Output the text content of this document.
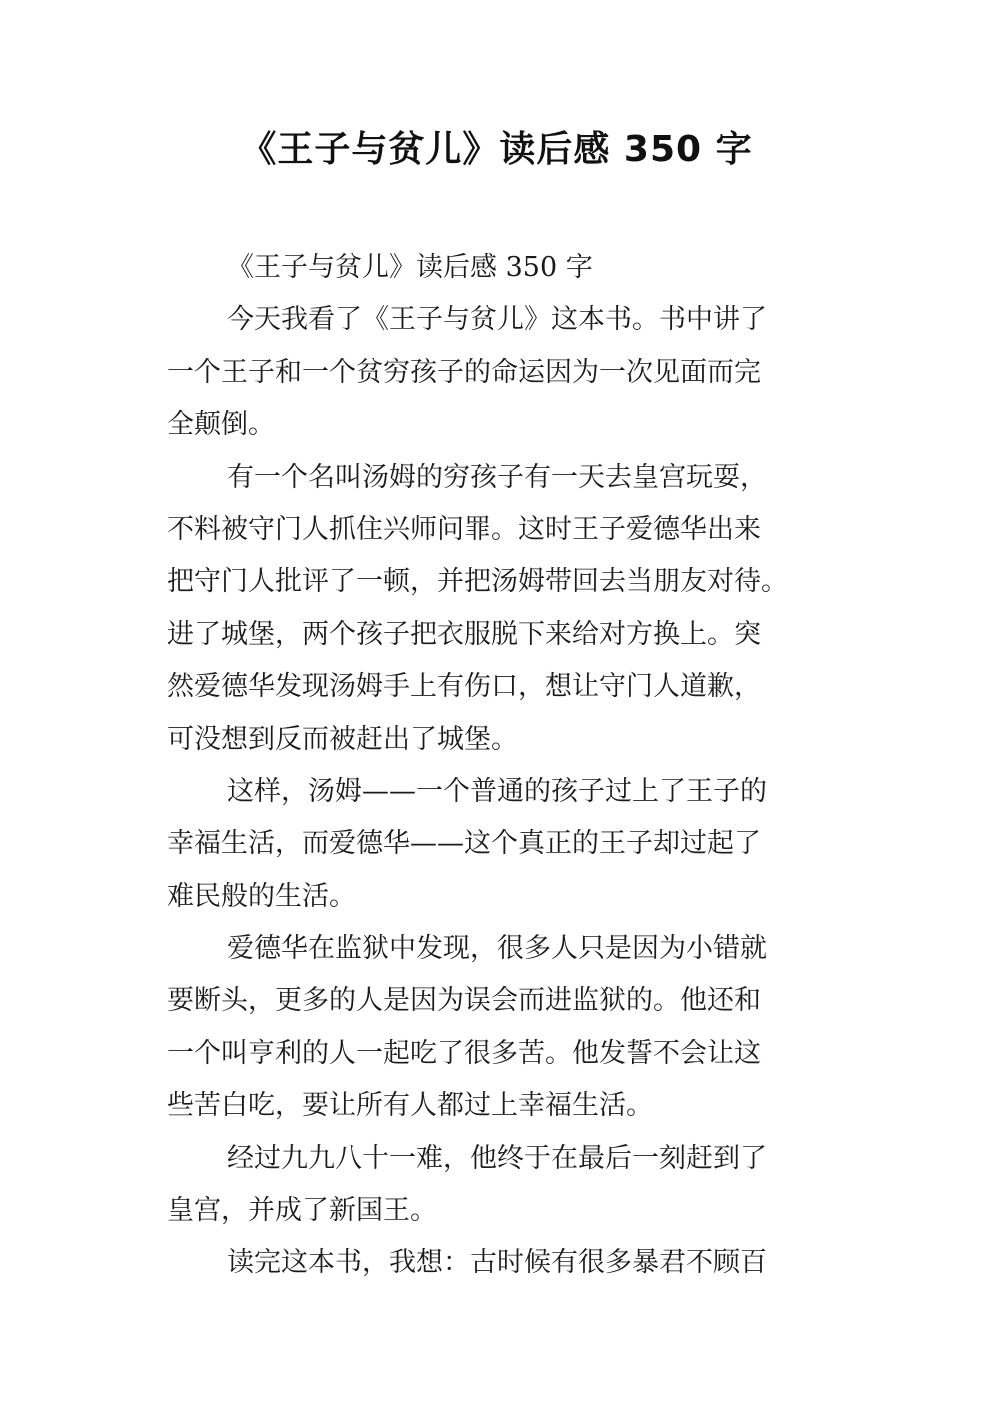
《王子与贫儿》读后感 350 字
《王子与贫儿》读后感 350 字
今天我看了《王子与贫儿》这本书。书中讲了
一个王子和一个贫穷孩子的命运因为一次见面而完
全颠倒。
有一个名叫汤姆的穷孩子有一天去皇宫玩耍，
不料被守门人抓住兴师问罪。这时王子爱德华出来
把守门人批评了一顿，并把汤姆带回去当朋友对待。
进了城堡，两个孩子把衣服脱下来给对方换上。突
然爱德华发现汤姆手上有伤口，想让守门人道歉，
可没想到反而被赶出了城堡。
这样，汤姆——一个普通的孩子过上了王子的
幸福生活，而爱德华——这个真正的王子却过起了
难民般的生活。
爱德华在监狱中发现，很多人只是因为小错就
要断头，更多的人是因为误会而进监狱的。他还和
一个叫亨利的人一起吃了很多苦。他发誓不会让这
些苦白吃，要让所有人都过上幸福生活。
经过九九八十一难，他终于在最后一刻赶到了
皇宫，并成了新国王。
读完这本书，我想：古时候有很多暴君不顾百
